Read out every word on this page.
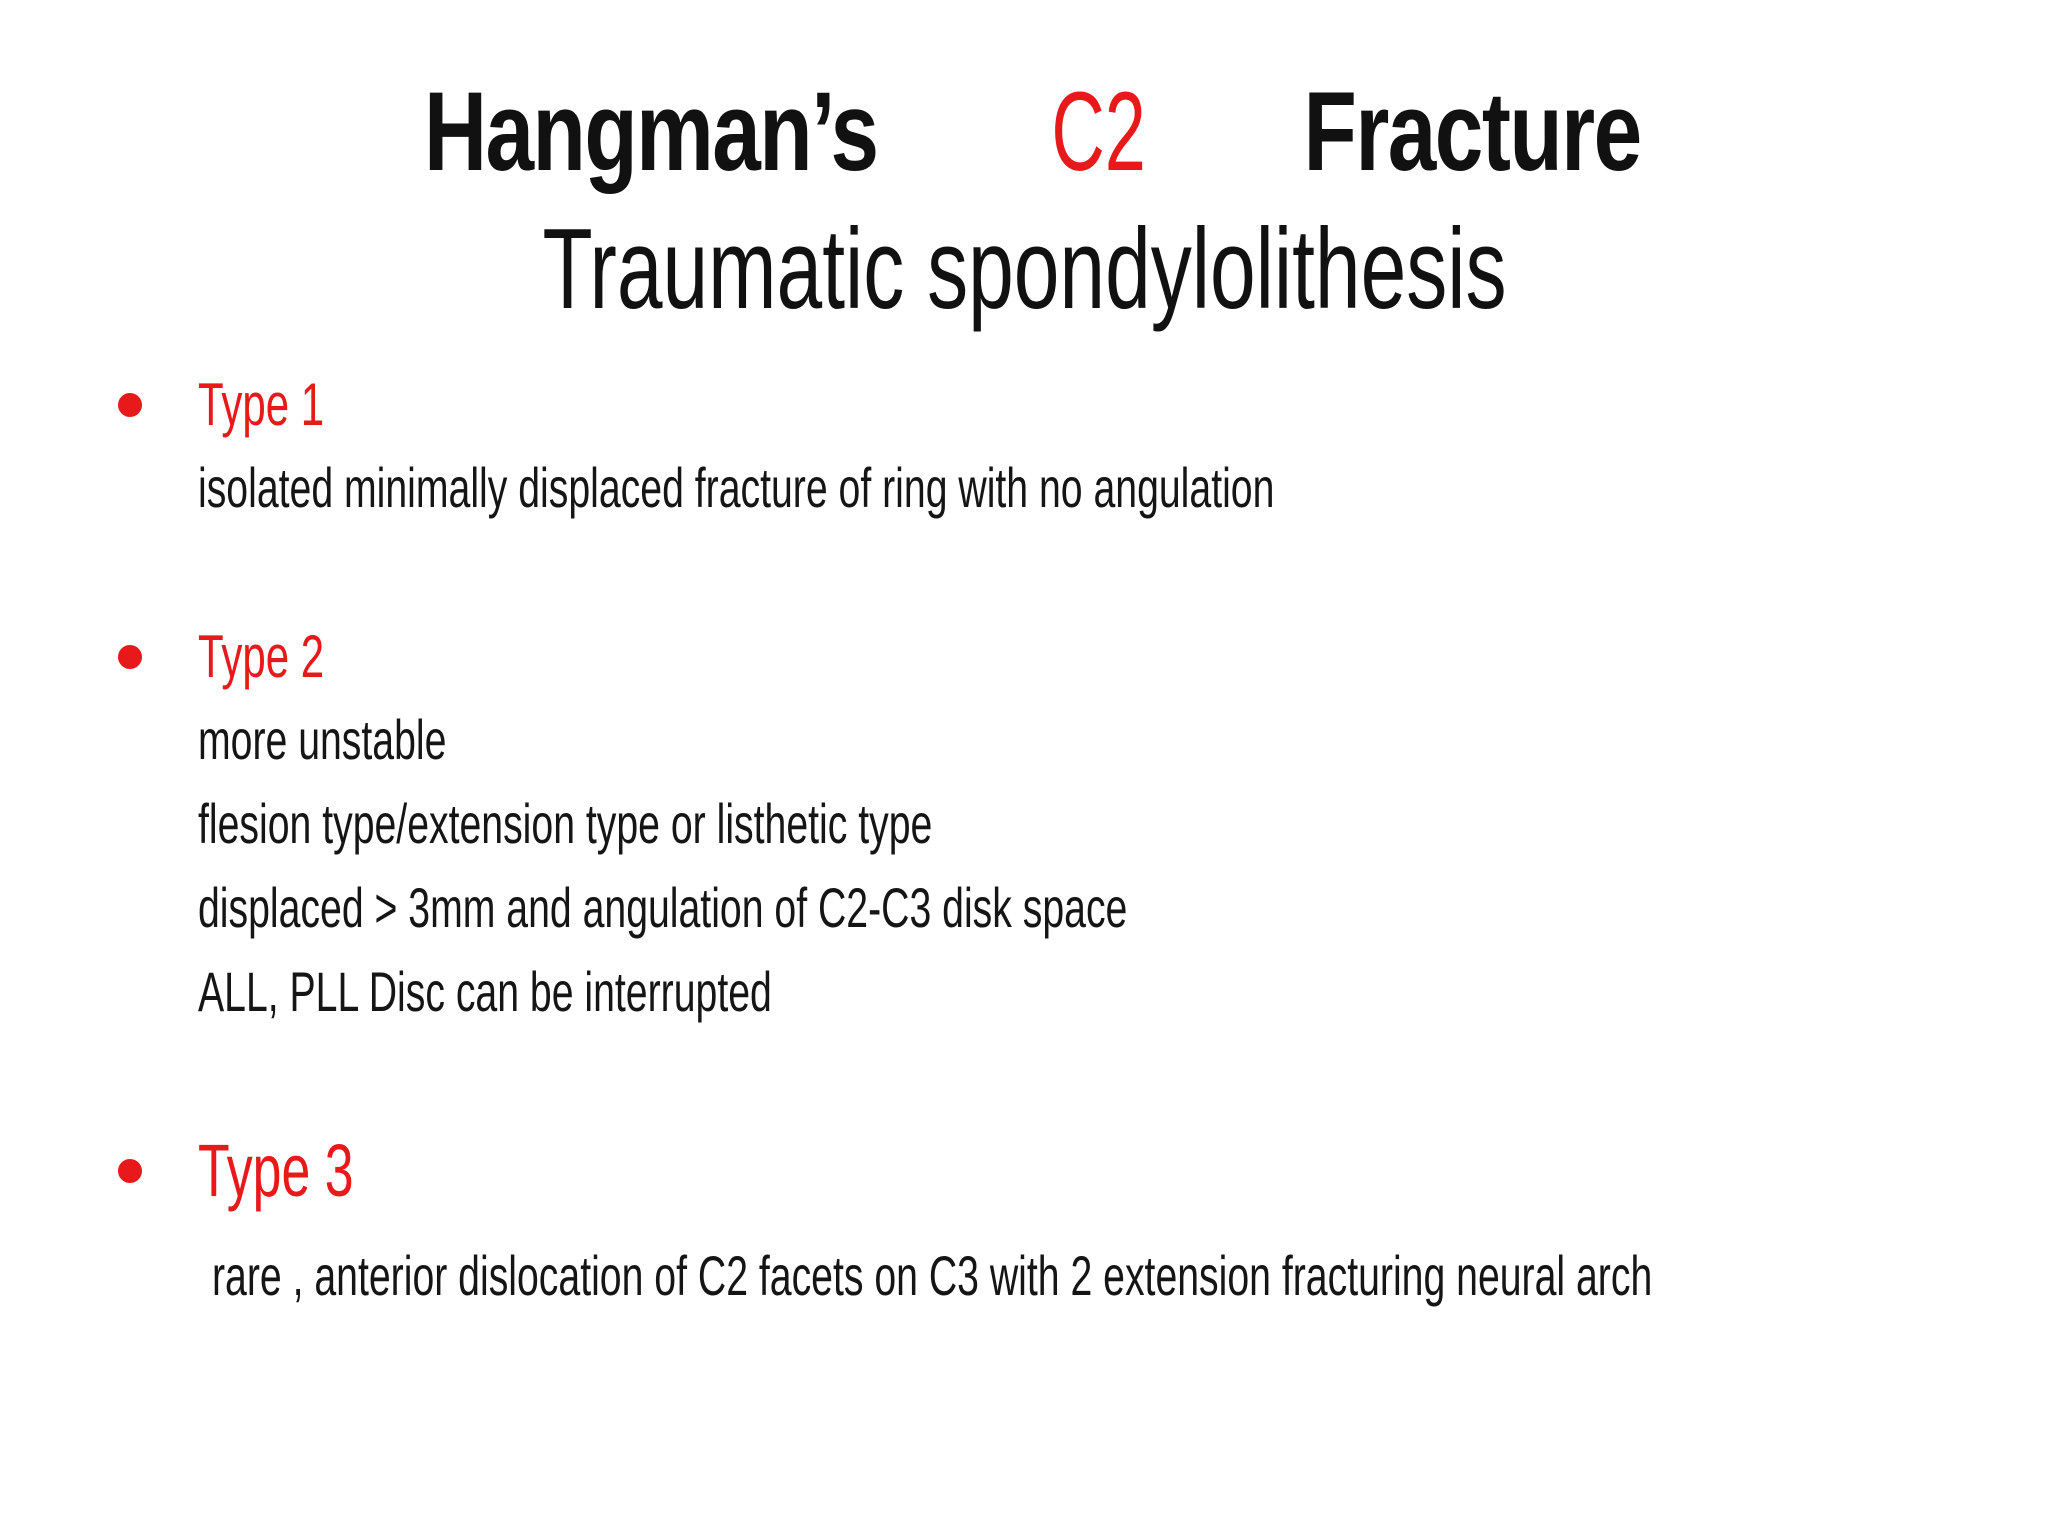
Hangman’s C2 Fracture
Traumatic spondylolithesis
Type 1
isolated minimally displaced fracture of ring with no angulation
Type 2
more unstable
flesion type/extension type or listhetic type
displaced > 3mm and angulation of C2-C3 disk space
ALL, PLL Disc can be interrupted
Type 3
rare , anterior dislocation of C2 facets on C3 with 2 extension fracturing neural arch
